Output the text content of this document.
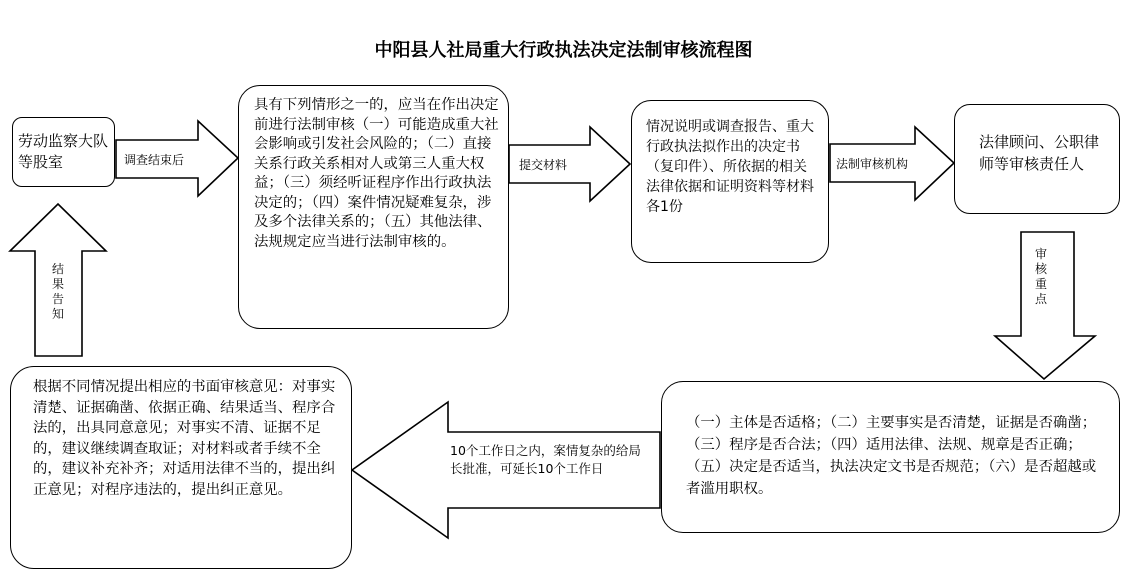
中阳县人社局重大行政执法决定法制审核流程图
调查结束后	提交材料	法制审核机构
审核重点
结果告知
10个工作日之内，案情复杂的给局长批准，可延长10个工作日
劳动监察大队等股室
具有下列情形之一的，应当在作出决定前进行法制审核（一）可能造成重大社会影响或引发社会风险的；（二）直接关系行政关系相对人或第三人重大权益；（三）须经听证程序作出行政执法决定的；（四）案件情况疑难复杂，涉及多个法律关系的；（五）其他法律、法规规定应当进行法制审核的。
情况说明或调查报告、重大行政执法拟作出的决定书（复印件）、所依据的相关法律依据和证明资料等材料各1份
法律顾问、公职律师等审核责任人
（一）主体是否适格；（二）主要事实是否清楚，证据是否确凿；（三）程序是否合法；（四）适用法律、法规、规章是否正确；（五）决定是否适当，执法决定文书是否规范；（六）是否超越或者滥用职权。
根据不同情况提出相应的书面审核意见：对事实清楚、证据确凿、依据正确、结果适当、程序合法的，出具同意意见；对事实不清、证据不足的，建议继续调查取证；对材料或者手续不全的，建议补充补齐；对适用法律不当的，提出纠正意见；对程序违法的，提出纠正意见。
